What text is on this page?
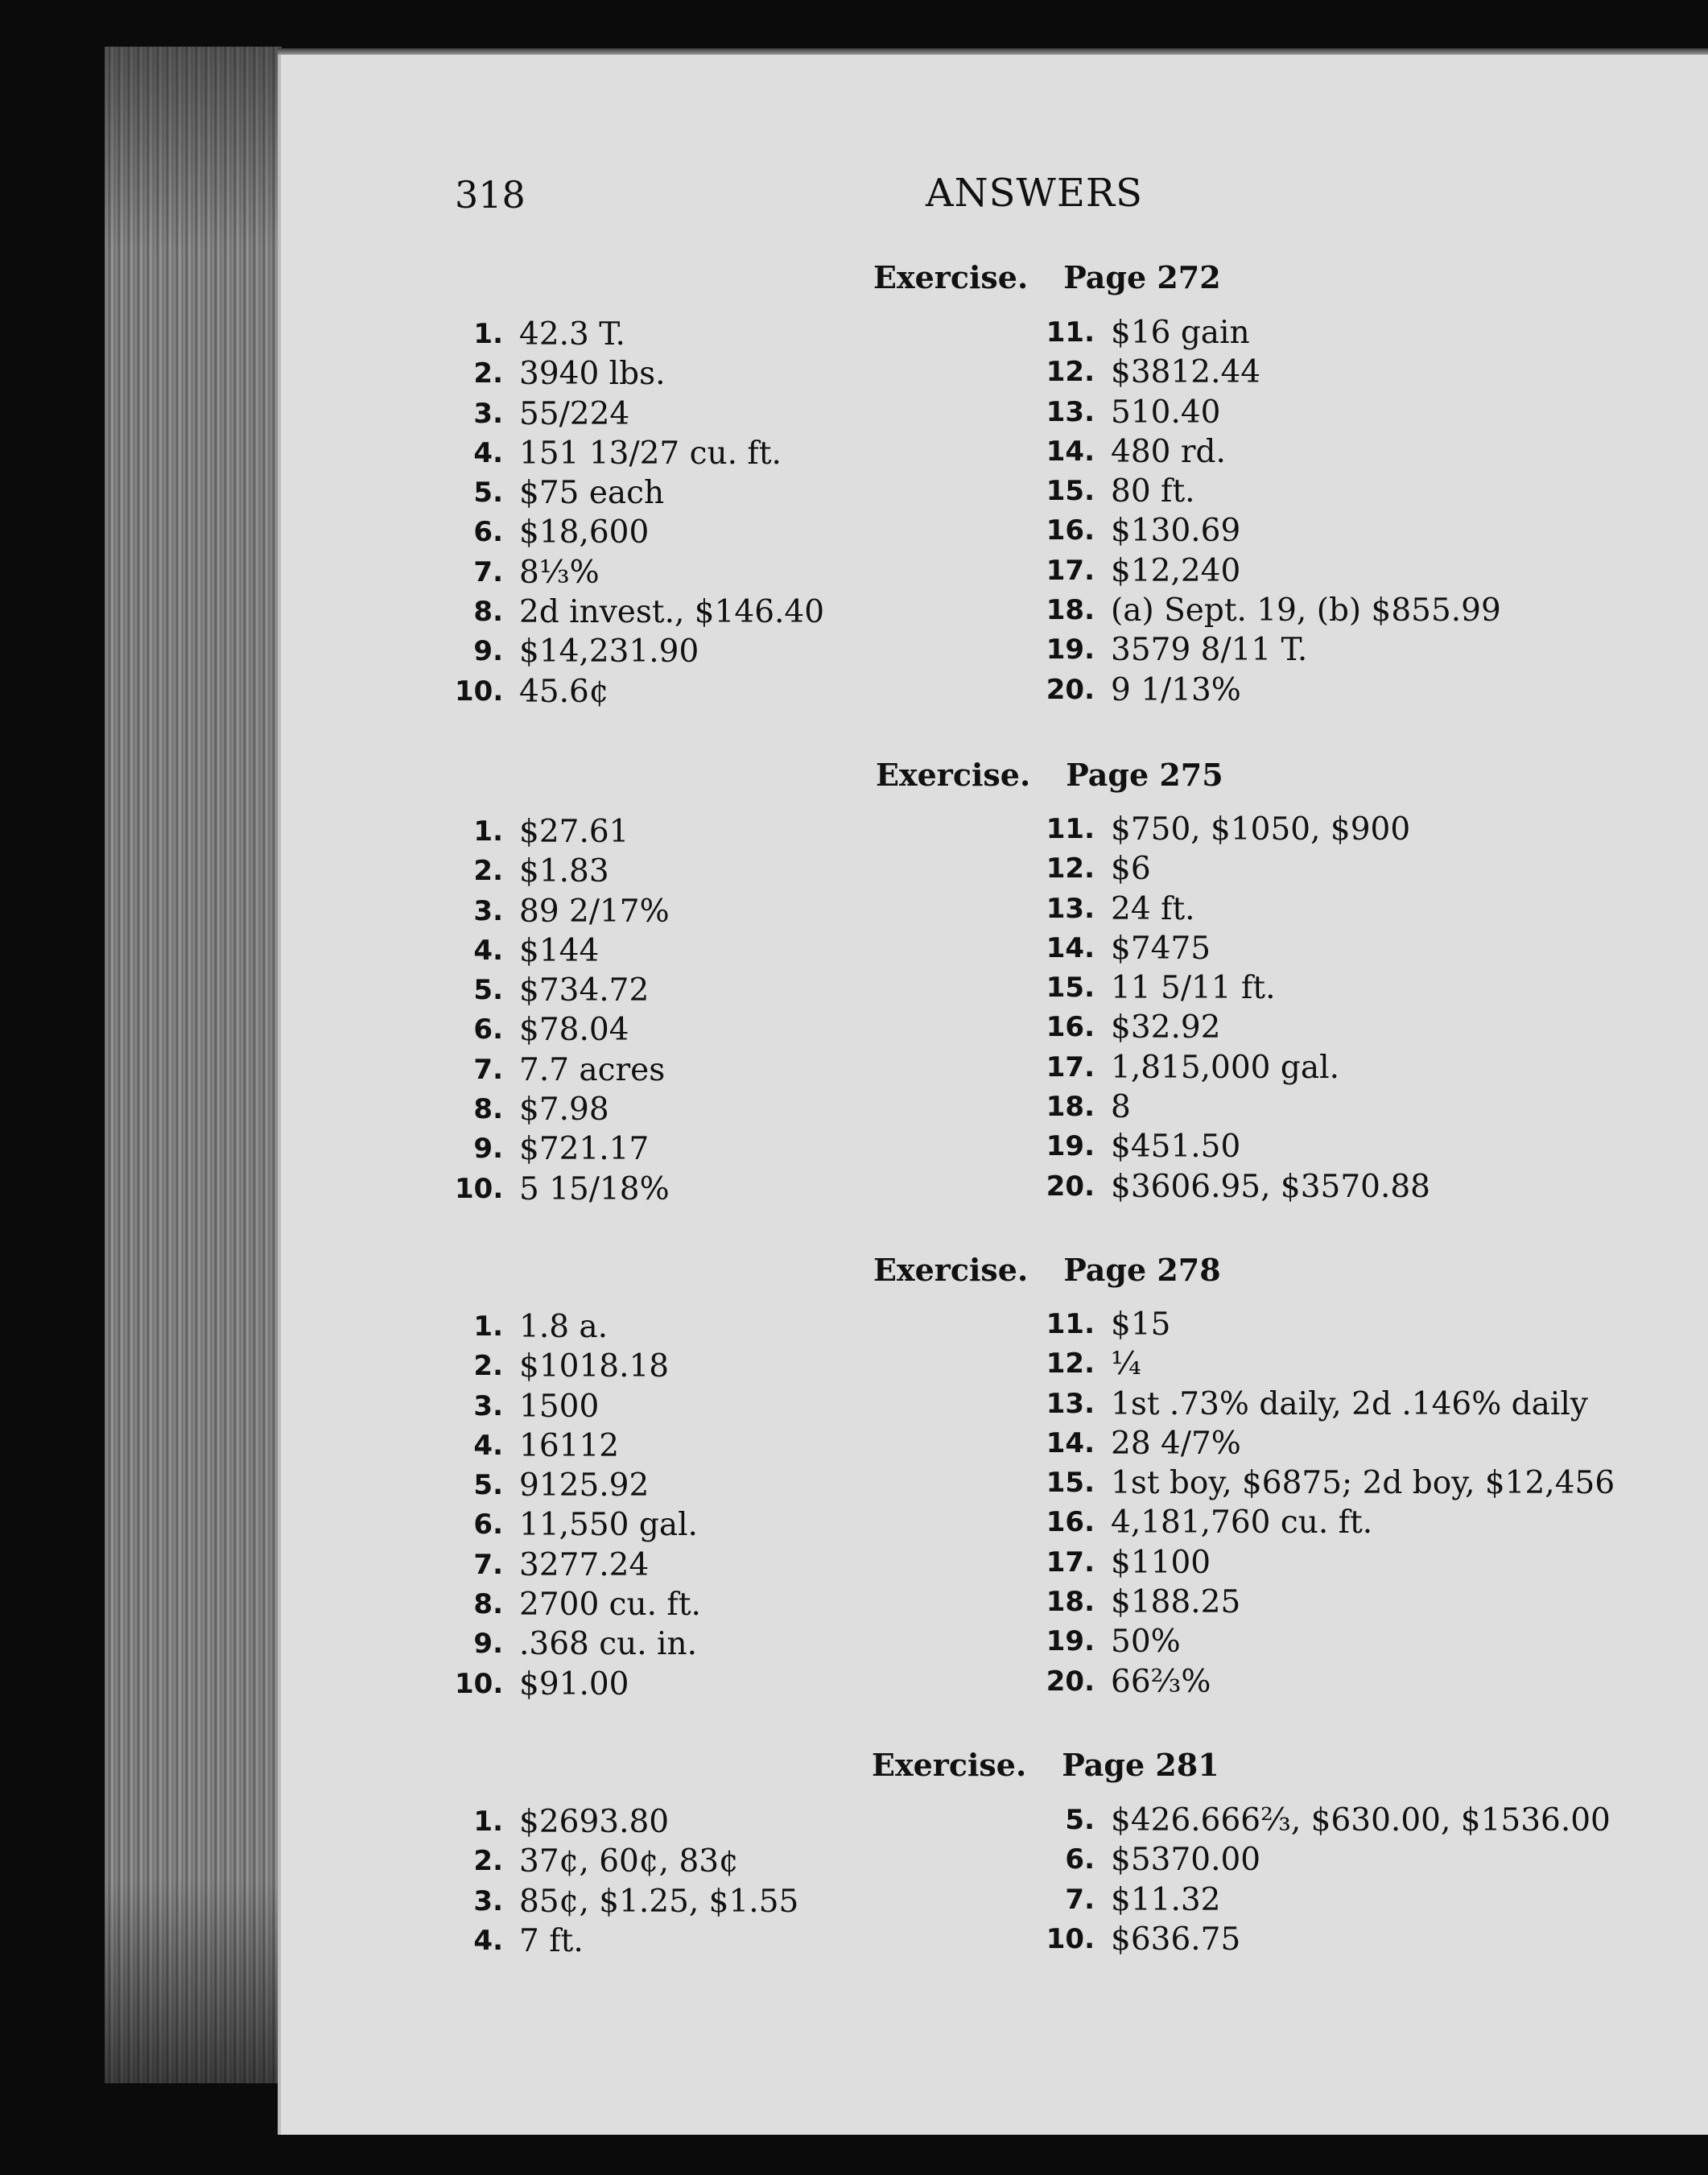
318	ANSWERS
Exercise. Page 272
1. 42.3 T.
2. 3940 lbs.
3. 55/224
4. 151 13/27 cu. ft.
5. $75 each
6. $18,600
7. 8⅓%
8. 2d invest., $146.40
9. $14,231.90
10. 45.6¢
11. $16 gain
12. $3812.44
13. 510.40
14. 480 rd.
15. 80 ft.
16. $130.69
17. $12,240
18. (a) Sept. 19, (b) $855.99
19. 3579 8/11 T.
20. 9 1/13%
Exercise. Page 275
1. $27.61
2. $1.83
3. 89 2/17%
4. $144
5. $734.72
6. $78.04
7. 7.7 acres
8. $7.98
9. $721.17
10. 5 15/18%
11. $750, $1050, $900
12. $6
13. 24 ft.
14. $7475
15. 11 5/11 ft.
16. $32.92
17. 1,815,000 gal.
18. 8
19. $451.50
20. $3606.95, $3570.88
Exercise. Page 278
1. 1.8 a.
2. $1018.18
3. 1500
4. 16112
5. 9125.92
6. 11,550 gal.
7. 3277.24
8. 2700 cu. ft.
9. .368 cu. in.
10. $91.00
11. $15
12. ¼
13. 1st .73% daily, 2d .146% daily
14. 28 4/7%
15. 1st boy, $6875; 2d boy, $12,456
16. 4,181,760 cu. ft.
17. $1100
18. $188.25
19. 50%
20. 66⅔%
Exercise. Page 281
1. $2693.80
2. 37¢, 60¢, 83¢
3. 85¢, $1.25, $1.55
4. 7 ft.
5. $426.666⅔, $630.00, $1536.00
6. $5370.00
7. $11.32
10. $636.75
